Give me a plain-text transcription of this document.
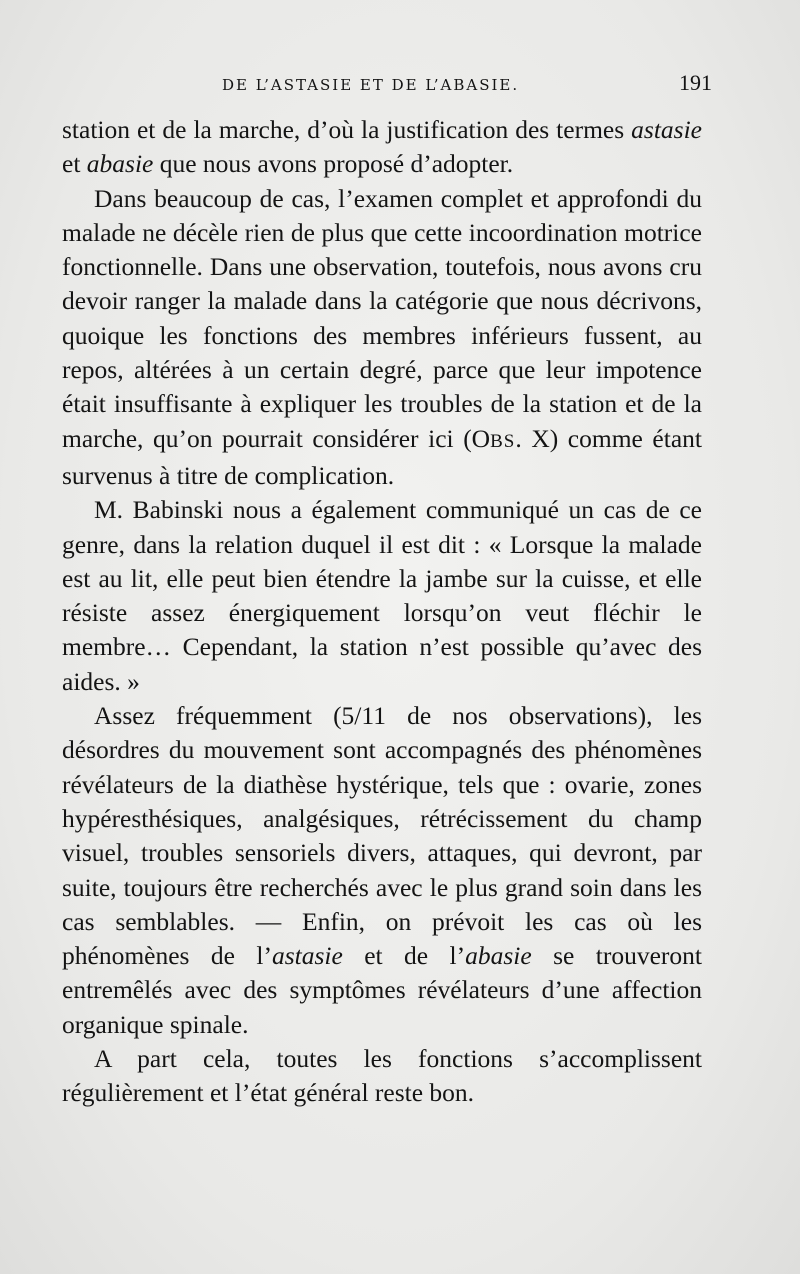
DE L’ASTASIE ET DE L’ABASIE.	191

station et de la marche, d’où la justification des termes astasie et abasie que nous avons proposé d’adopter.

Dans beaucoup de cas, l’examen complet et approfondi du malade ne décèle rien de plus que cette incoordination motrice fonctionnelle. Dans une observation, toutefois, nous avons cru devoir ranger la malade dans la catégorie que nous décrivons, quoique les fonctions des membres inférieurs fussent, au repos, altérées à un certain degré, parce que leur impotence était insuffisante à expliquer les troubles de la station et de la marche, qu’on pourrait considérer ici (OBS. X) comme étant survenus à titre de complication.

M. Babinski nous a également communiqué un cas de ce genre, dans la relation duquel il est dit : « Lorsque la malade est au lit, elle peut bien étendre la jambe sur la cuisse, et elle résiste assez énergiquement lorsqu’on veut fléchir le membre… Cependant, la station n’est possible qu’avec des aides. »

Assez fréquemment (5/11 de nos observations), les désordres du mouvement sont accompagnés des phénomènes révélateurs de la diathèse hystérique, tels que : ovarie, zones hypéresthésiques, analgésiques, rétrécissement du champ visuel, troubles sensoriels divers, attaques, qui devront, par suite, toujours être recherchés avec le plus grand soin dans les cas semblables. — Enfin, on prévoit les cas où les phénomènes de l’astasie et de l’abasie se trouveront entremêlés avec des symptômes révélateurs d’une affection organique spinale.

A part cela, toutes les fonctions s’accomplissent régulièrement et l’état général reste bon.
